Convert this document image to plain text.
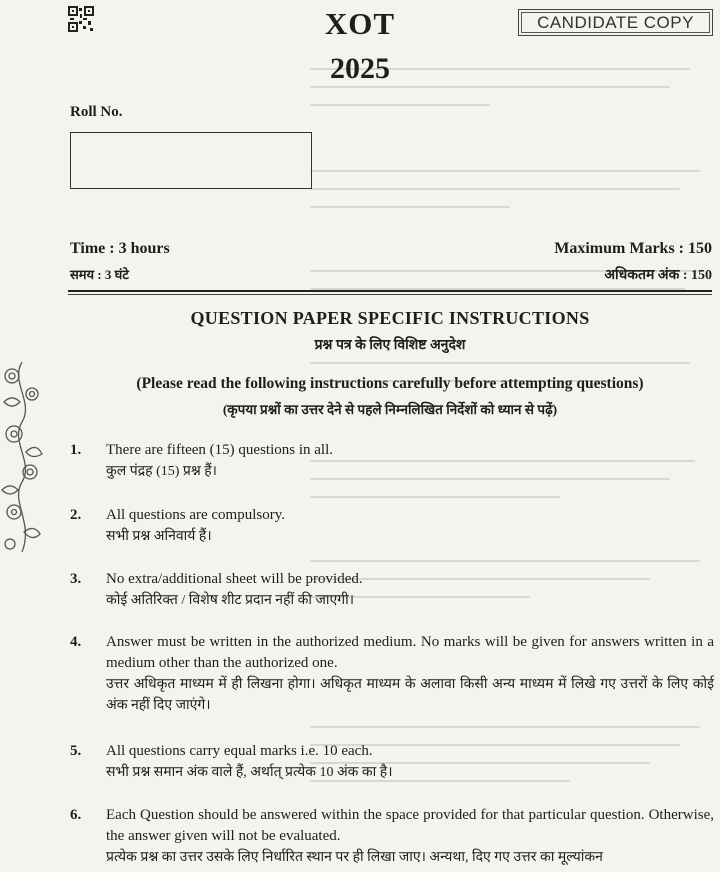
XOT
2025
CANDIDATE COPY
Roll No.
Time : 3 hours
समय : 3 घंटे
Maximum Marks : 150
अधिकतम अंक : 150
QUESTION PAPER SPECIFIC INSTRUCTIONS
प्रश्न पत्र के लिए विशिष्ट अनुदेश
(Please read the following instructions carefully before attempting questions)
(कृपया प्रश्नों का उत्तर देने से पहले निम्नलिखित निर्देशों को ध्यान से पढ़ें)
1. There are fifteen (15) questions in all.
कुल पंद्रह (15) प्रश्न हैं।
2. All questions are compulsory.
सभी प्रश्न अनिवार्य हैं।
3. No extra/additional sheet will be provided.
कोई अतिरिक्त / विशेष शीट प्रदान नहीं की जाएगी।
4. Answer must be written in the authorized medium. No marks will be given for answers written in a medium other than the authorized one.
उत्तर अधिकृत माध्यम में ही लिखना होगा। अधिकृत माध्यम के अलावा किसी अन्य माध्यम में लिखे गए उत्तरों के लिए कोई अंक नहीं दिए जाएंगे।
5. All questions carry equal marks i.e. 10 each.
सभी प्रश्न समान अंक वाले हैं, अर्थात् प्रत्येक 10 अंक का है।
6. Each Question should be answered within the space provided for that particular question. Otherwise, the answer given will not be evaluated.
प्रत्येक प्रश्न का उत्तर उसके लिए निर्धारित स्थान पर ही लिखा जाए। अन्यथा, दिए गए उत्तर का मूल्यांकन
